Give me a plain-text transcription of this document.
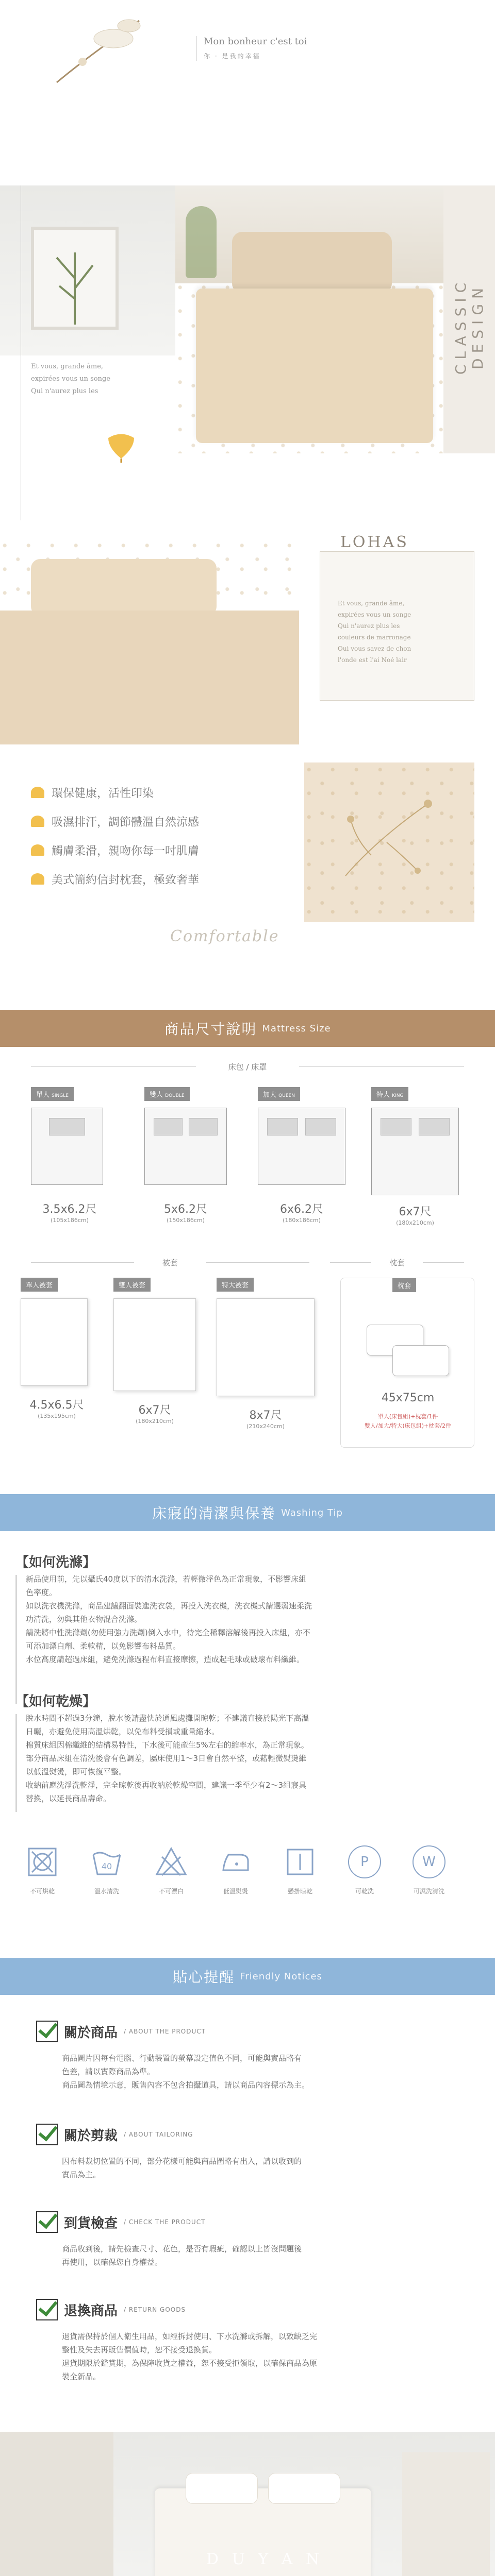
Mon bonheur c'est toi
你 · 是我的幸福
Et vous, grande âme,
expirées vous un songe
Qui n'aurez plus les
CLASSIC DESIGN
LOHAS
Et vous, grande âme,
expirées vous un songe
Qui n'aurez plus les
couleurs de marronage
Oui vous savez de chon
l'onde est l'ai Noé lair
環保健康，活性印染
吸濕排汗，調節體溫自然涼感
觸膚柔滑，親吻你每一吋肌膚
美式簡約信封枕套，極致奢華
Comfortable
商品尺寸說明 Mattress Size
床包 / 床罩
單人 SINGLE
3.5x6.2尺
(105x186cm)
雙人 DOUBLE
5x6.2尺
(150x186cm)
加大 QUEEN
6x6.2尺
(180x186cm)
特大 KING
6x7尺
(180x210cm)
被套	枕套
單人被套
4.5x6.5尺
(135x195cm)
雙人被套
6x7尺
(180x210cm)
特大被套
8x7尺
(210x240cm)
枕套
45x75cm
單人(床包組)+枕套/1件
雙人/加大/特大(床包組)+枕套/2件
床寢的清潔與保養 Washing Tip
【如何洗滌】
新品使用前，先以攝氏40度以下的清水洗滌，若輕微浮色為正常現象，不影響床組
色率度。
如以洗衣機洗滌，商品建議翻面裝進洗衣袋，再投入洗衣機，洗衣機式請選弱速柔洗
功清洗，勿與其他衣物混合洗滌。
請洗將中性洗滌劑(勿使用強力洗劑)倒入水中，待完全稀釋溶解後再投入床組，亦不
可添加漂白劑、柔軟精，以免影響布料品質。
水位高度請超過床組，避免洗滌過程布料直接摩擦，造成起毛球或破壞布料纖維。
【如何乾燥】
脫水時間不超過3分鐘，脫水後請盡快於通風處攤開晾乾；不建議直接於陽光下高溫
日曬，亦避免使用高溫烘乾，以免布料受損或重量縮水。
棉質床組因棉纖維的結構易特性，下水後可能產生5%左右的縮率水，為正常現象。
部分商品床組在清洗後會有色調差，屬床使用1～3日會自然平整，或藉輕微熨燙維
以低溫熨燙，即可恢復平整。
收納前應洗淨洗乾淨，完全晾乾後再收納於乾燥空間，建議一季至少有2～3組寢具
替換，以延長商品壽命。
不可烘乾
40
溫水清洗	不可漂白	低溫熨燙	懸掛晾乾
P
可乾洗
W
可濕洗清洗
貼心提醒 Friendly Notices
關於商品 / ABOUT THE PRODUCT
商品圖片因每台電腦、行動裝置的螢幕設定值色不同，可能與實品略有
色差，請以實際商品為準。
商品圖為情境示意，販售內容不包含拍攝道具，請以商品內容標示為主。
關於剪裁 / ABOUT TAILORING
因布料裁切位置的不同，部分花樣可能與商品圖略有出入，請以收到的
實品為主。
到貨檢查 / CHECK THE PRODUCT
商品收到後，請先檢查尺寸、花色，是否有瑕疵，確認以上皆沒問題後
再使用，以確保您自身權益。
退換商品 / RETURN GOODS
退貨需保持於個人衛生用品，如經拆封使用、下水洗滌或拆解，以致缺乏完
整性及失去再販售價值時，恕不接受退換貨。
退貨期限於鑑賞期，為保障收貨之權益，恕不接受拒領取，以確保商品為原
裝全新品。
D U Y A N
